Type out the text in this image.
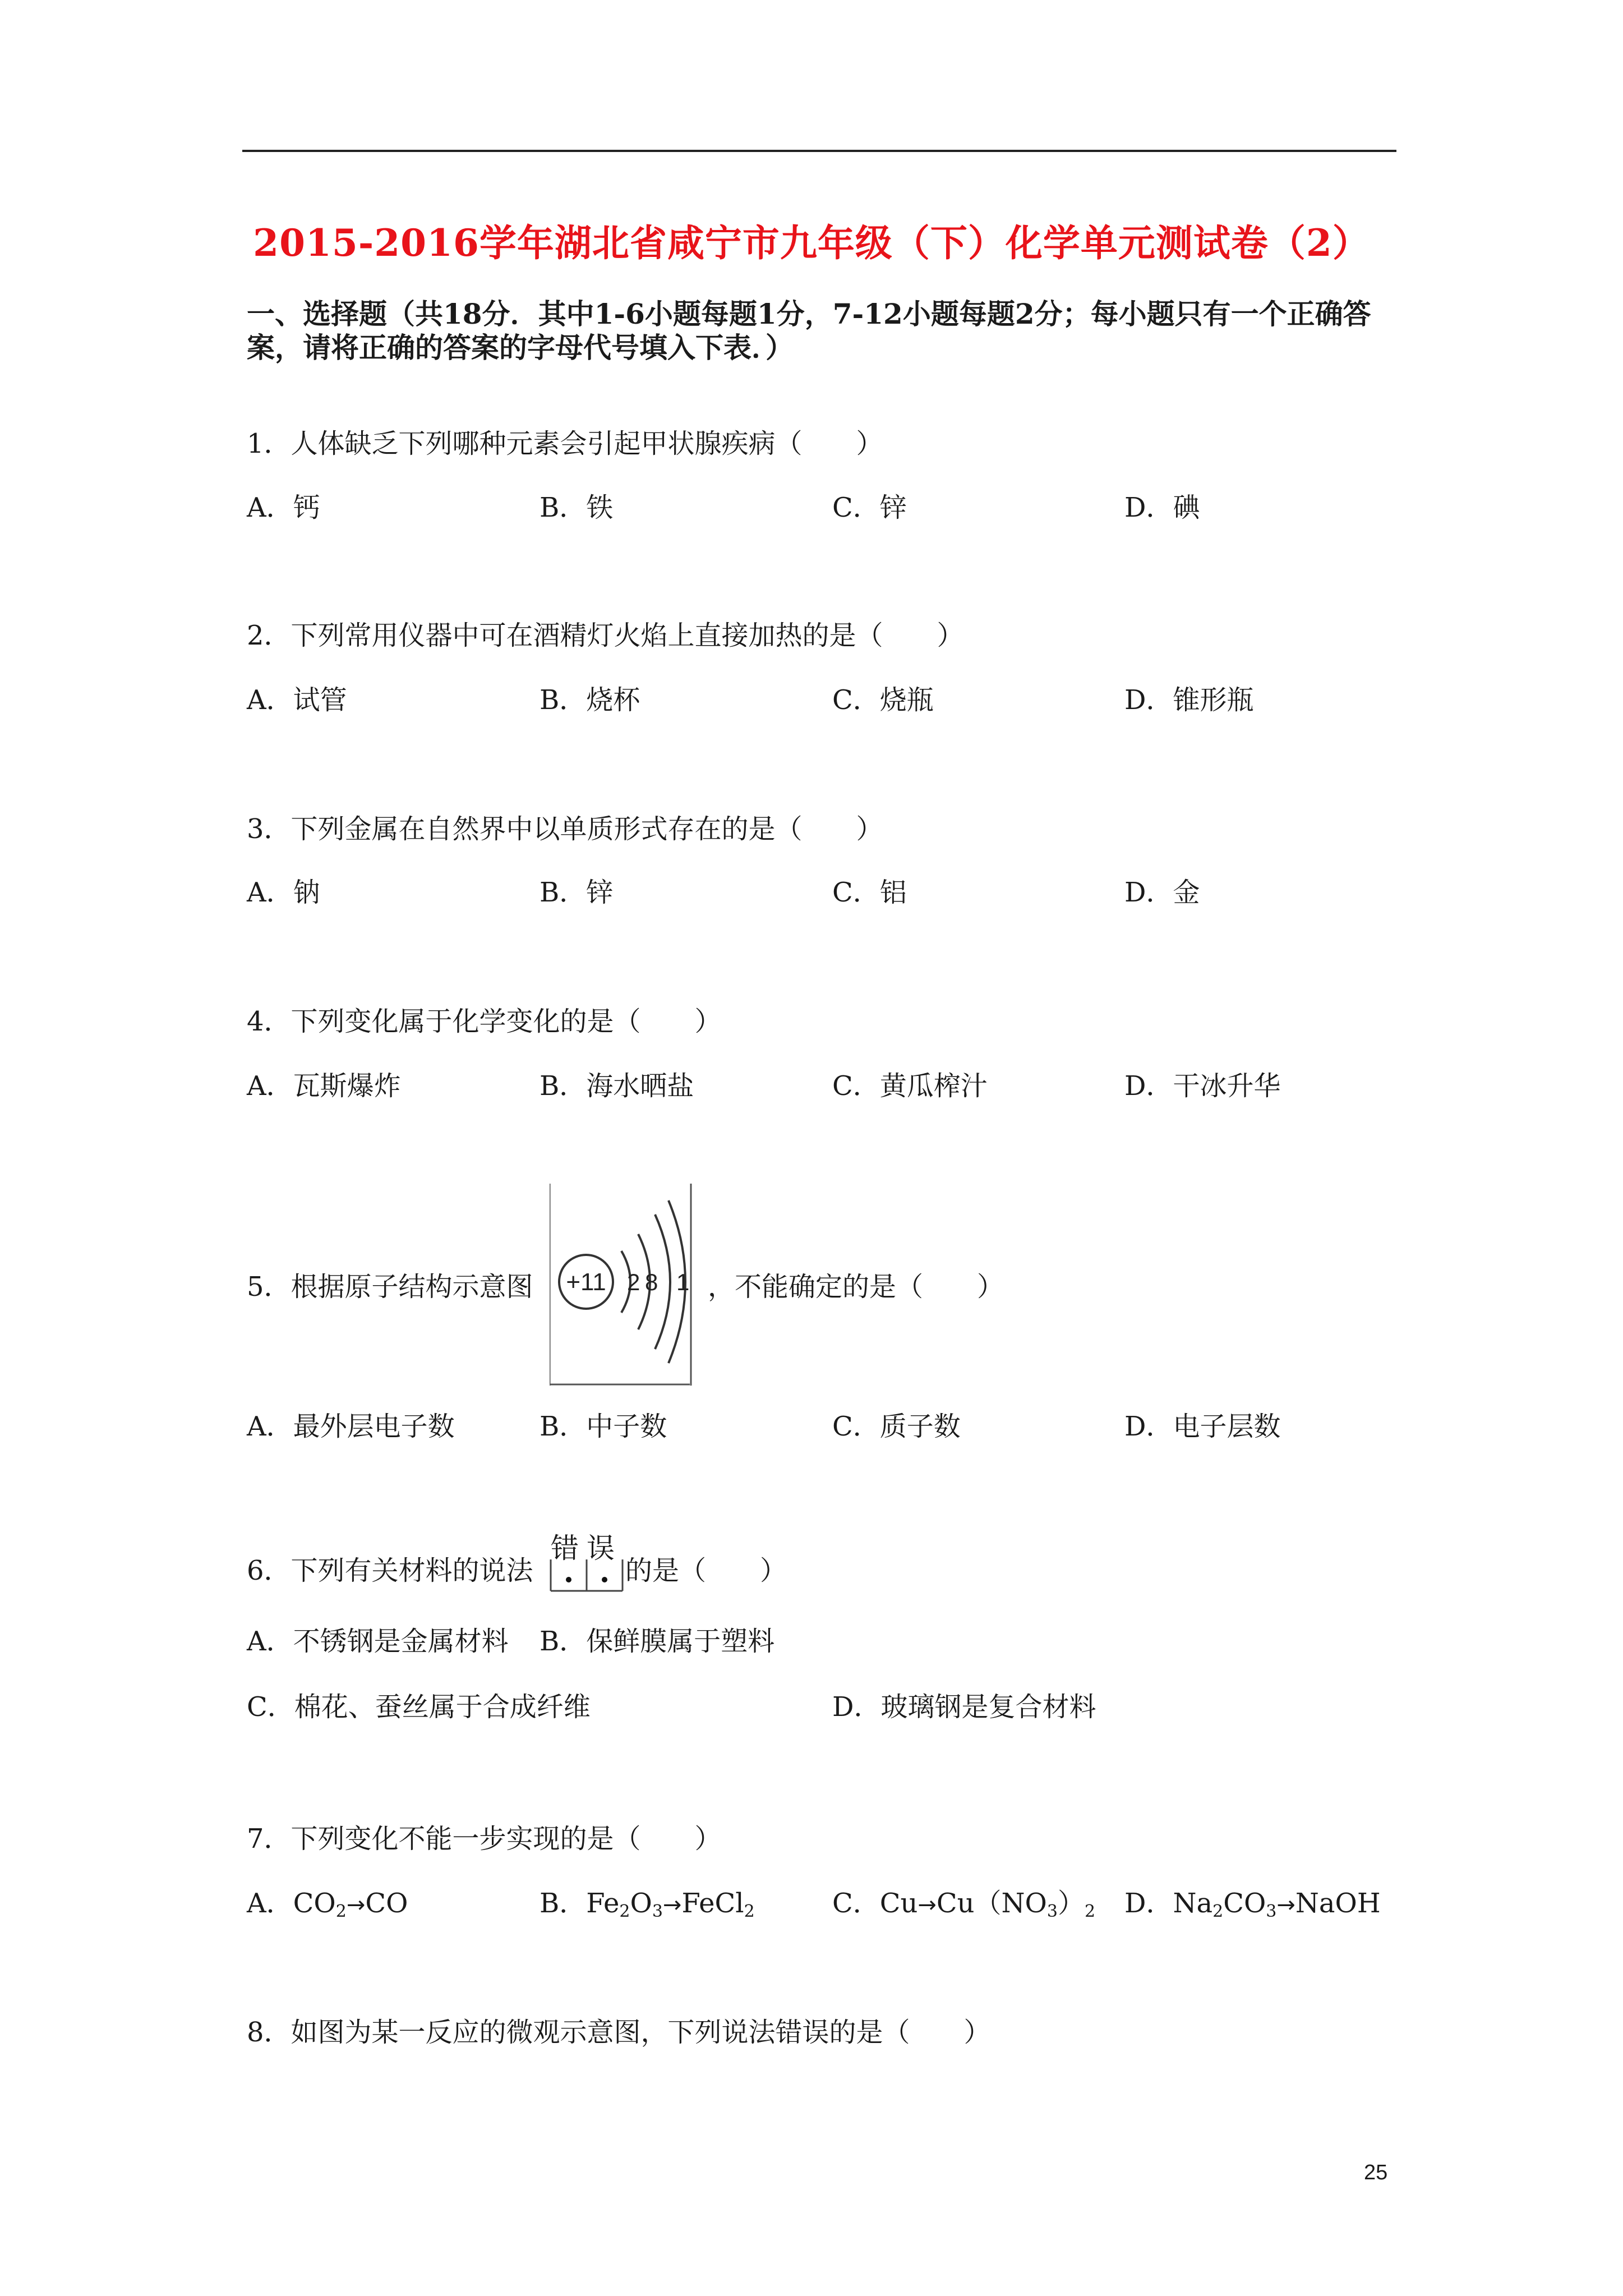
2015-2016学年湖北省咸宁市九年级（下）化学单元测试卷（2）
一、选择题（共18分．其中1-6小题每题1分，7-12小题每题2分；每小题只有一个正确答案，请将正确的答案的字母代号填入下表．）
1．人体缺乏下列哪种元素会引起甲状腺疾病（　　）
A．钙	B．铁	C．锌	D．碘
2．下列常用仪器中可在酒精灯火焰上直接加热的是（　　）
A．试管	B．烧杯	C．烧瓶	D．锥形瓶
3．下列金属在自然界中以单质形式存在的是（　　）
A．钠	B．锌	C．铝	D．金
4．下列变化属于化学变化的是（　　）
A．瓦斯爆炸	B．海水晒盐	C．黄瓜榨汁	D．干冰升华
5．根据原子结构示意图 +11 2 8 1 ，不能确定的是（　　）
A．最外层电子数	B．中子数	C．质子数	D．电子层数
6．下列有关材料的说法
错 误
的是（　　）
A．不锈钢是金属材料 B．保鲜膜属于塑料
C．棉花、蚕丝属于合成纤维	D．玻璃钢是复合材料
7．下列变化不能一步实现的是（　　）
A．$CO_2\to CO$	B．$Fe_2O_3\to FeCl_2$	C．$Cu\to Cu(NO_3)_2$ D．$Na_2CO_3\to NaOH$
8．如图为某一反应的微观示意图，下列说法错误的是（　　）
25
